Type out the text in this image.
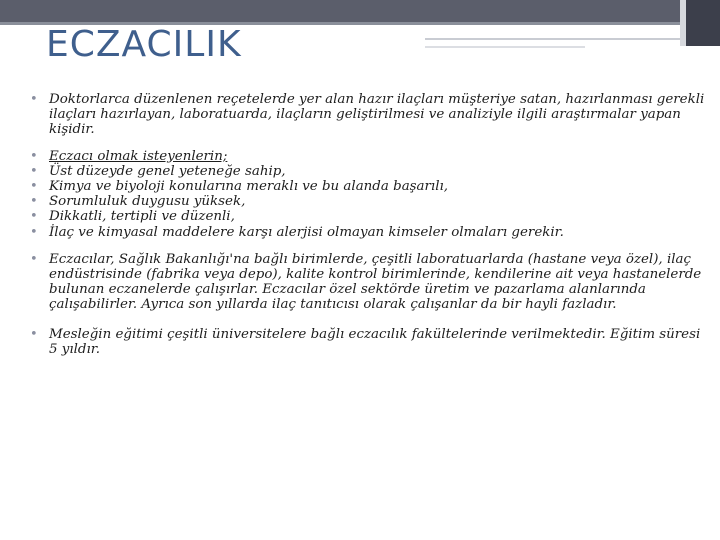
ECZACILIK
• Doktorlarca düzenlenen reçetelerde yer alan hazır ilaçları müşteriye satan, hazırlanması gerekli ilaçları hazırlayan, laboratuarda, ilaçların geliştirilmesi ve analiziyle ilgili araştırmalar yapan kişidir.
• Eczacı olmak isteyenlerin;
• Üst düzeyde genel yeteneğe sahip,
• Kimya ve biyoloji konularına meraklı ve bu alanda başarılı,
• Sorumluluk duygusu yüksek,
• Dikkatli, tertipli ve düzenli,
• İlaç ve kimyasal maddelere karşı alerjisi olmayan kimseler olmaları gerekir.
• Eczacılar, Sağlık Bakanlığı'na bağlı birimlerde, çeşitli laboratuarlarda (hastane veya özel), ilaç endüstrisinde (fabrika veya depo), kalite kontrol birimlerinde, kendilerine ait veya hastanelerde bulunan eczanelerde çalışırlar. Eczacılar özel sektörde üretim ve pazarlama alanlarında çalışabilirler. Ayrıca son yıllarda ilaç tanıtıcısı olarak çalışanlar da bir hayli fazladır.
• Mesleğin eğitimi çeşitli üniversitelere bağlı eczacılık fakültelerinde verilmektedir. Eğitim süresi 5 yıldır.
